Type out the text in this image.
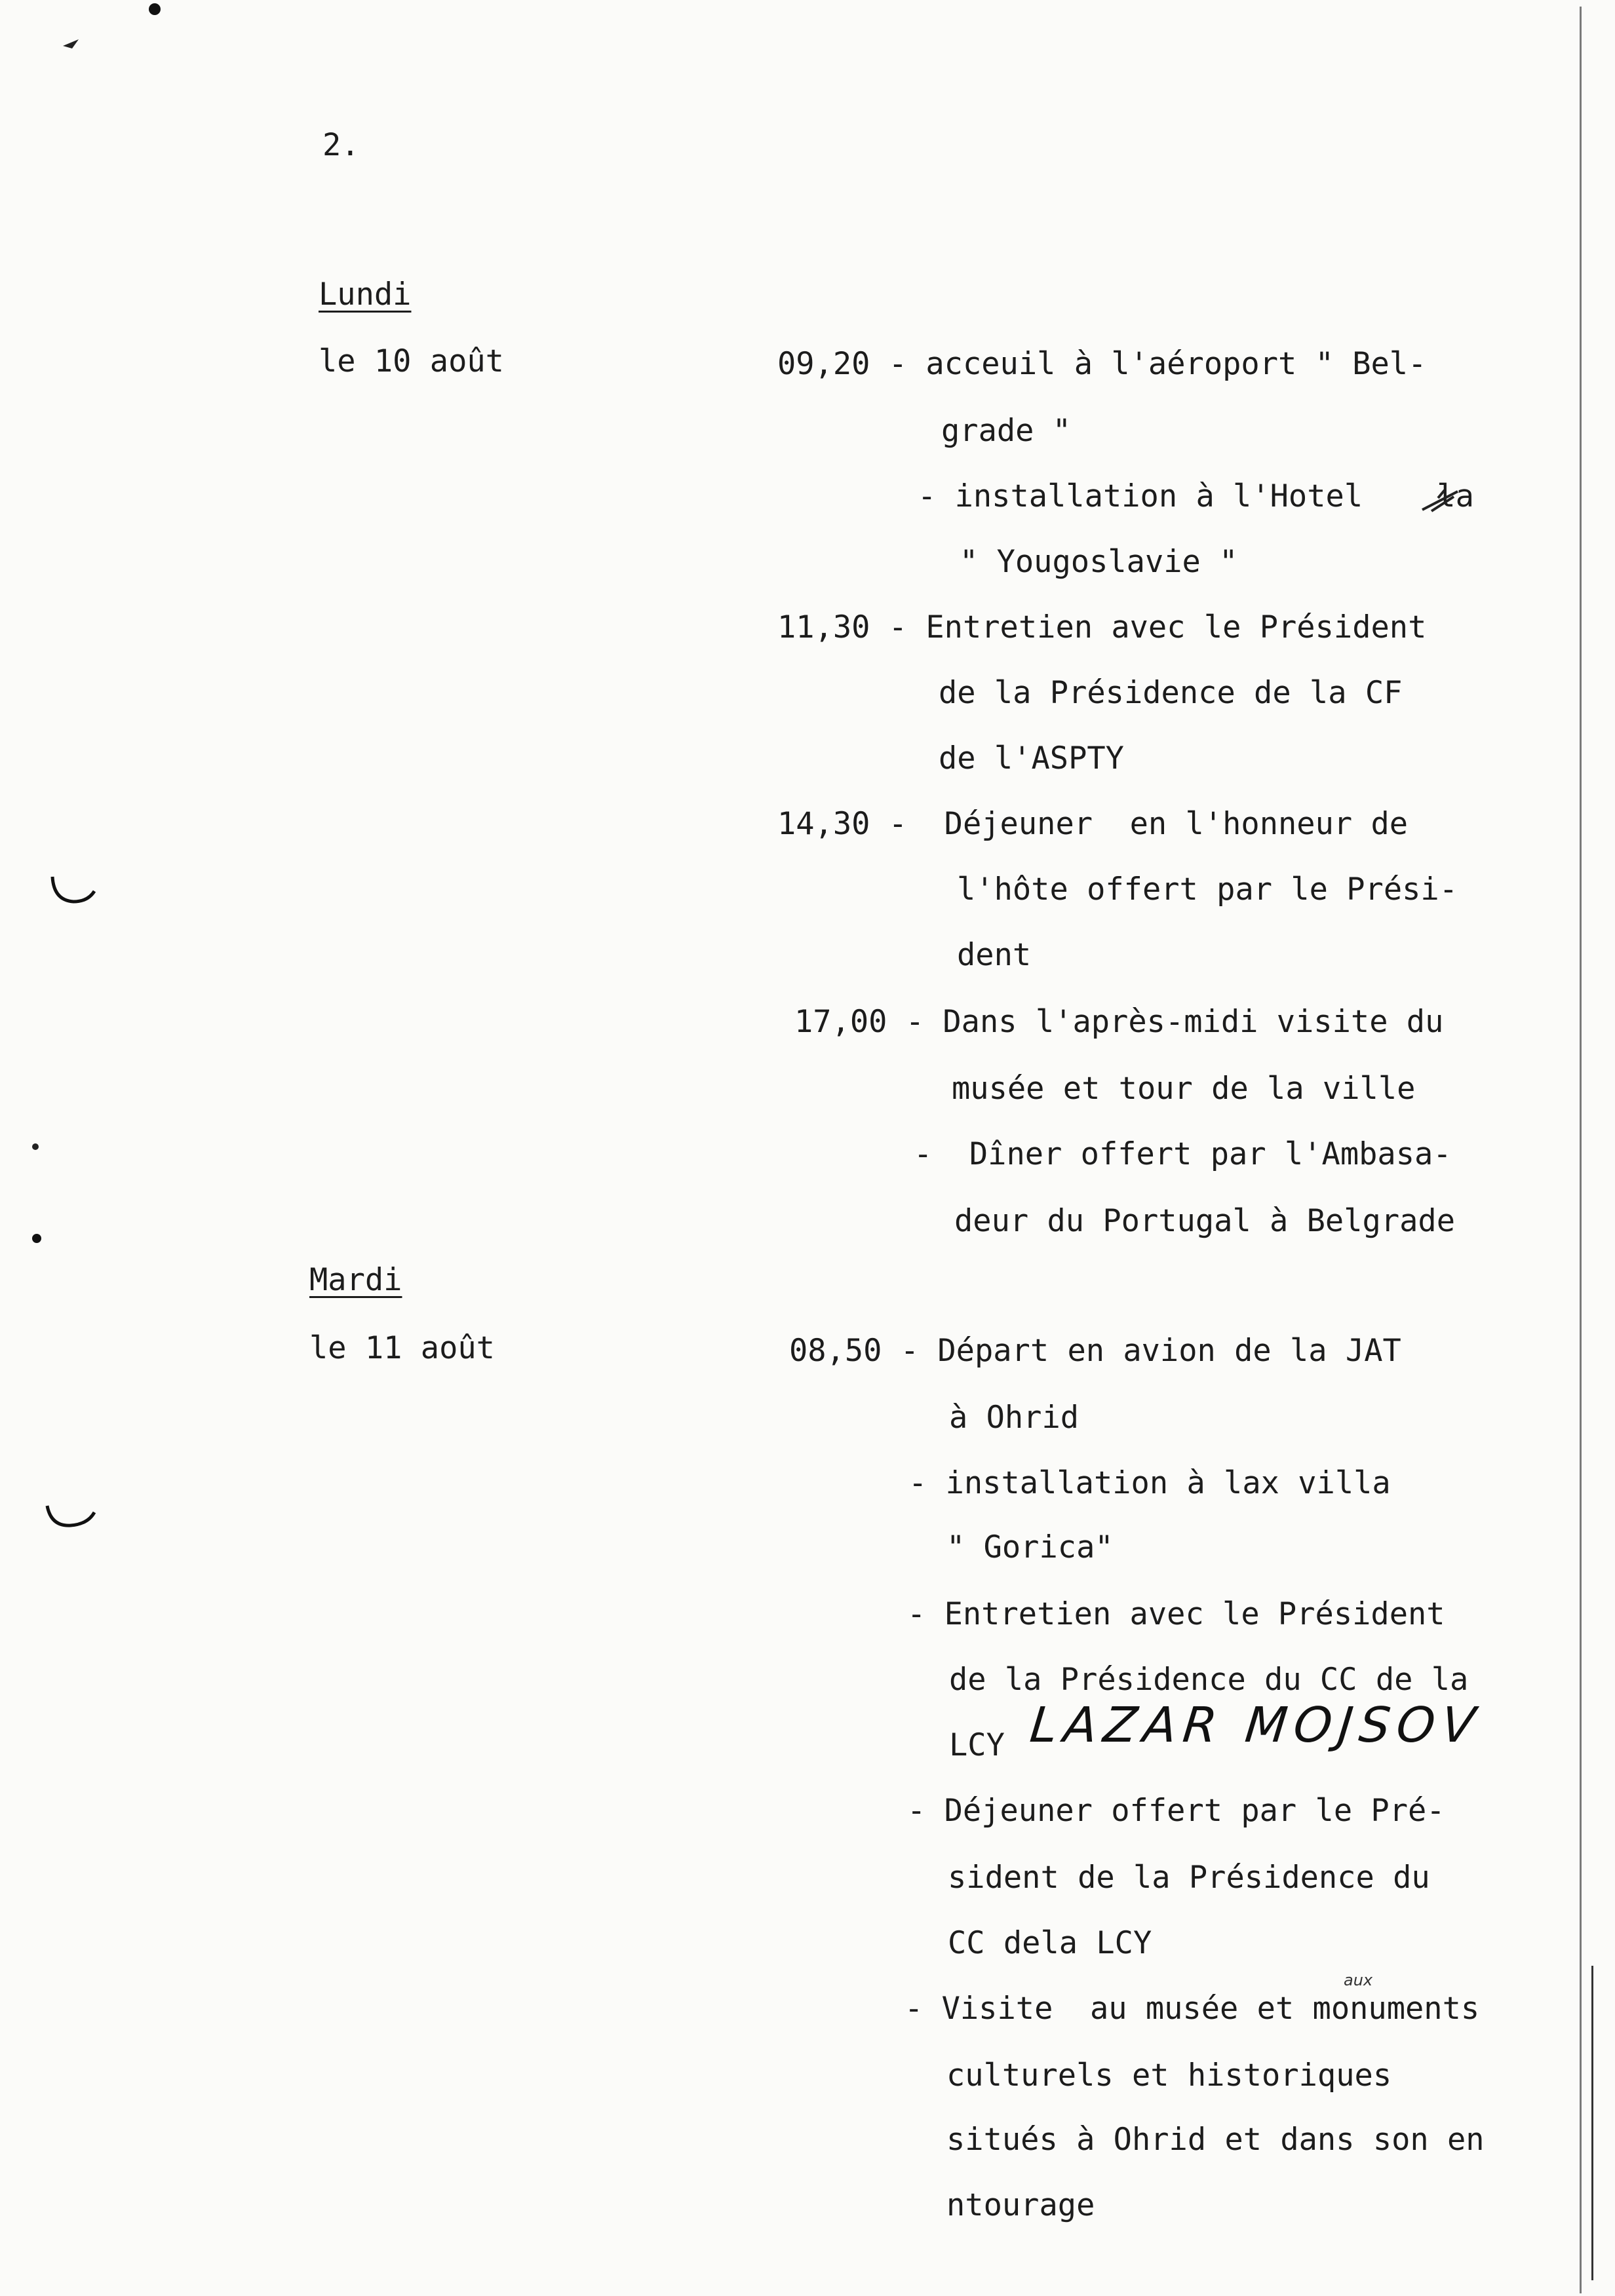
2.
Lundi
le 10 août	09,20 - acceuil à l'aéroport " Bel-
grade "
- installation à l'Hotel    la
" Yougoslavie "
11,30 - Entretien avec le Président
de la Présidence de la CF
de l'ASPTY
14,30 -  Déjeuner  en l'honneur de
l'hôte offert par le Prési-
dent
17,00 - Dans l'après-midi visite du
musée et tour de la ville
-  Dîner offert par l'Ambasa-
deur du Portugal à Belgrade
Mardi
le 11 août	08,50 - Départ en avion de la JAT
à Ohrid
- installation à lax villa
" Gorica"
- Entretien avec le Président
de la Présidence du CC de la
LCY LAZAR MOJSOV
- Déjeuner offert par le Pré-
sident de la Présidence du
CC dela LCY
- Visite  au musée et monuments
aux
culturels et historiques
situés à Ohrid et dans son en
ntourage
